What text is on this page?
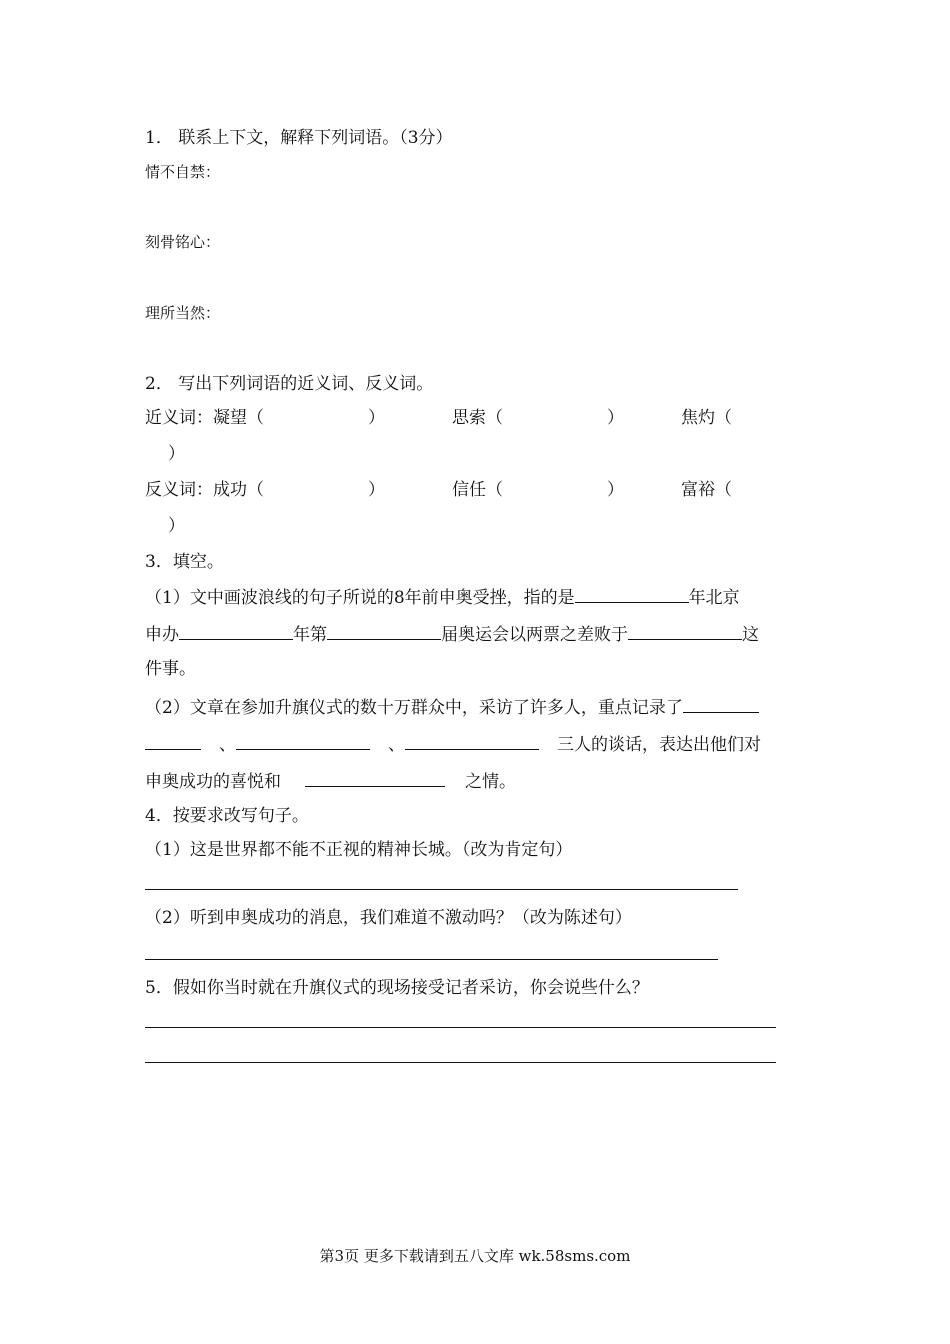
1． 联系上下文，解释下列词语。（3分）
情不自禁：
刻骨铭心：
理所当然：
2． 写出下列词语的近义词、反义词。
近义词：凝望（	）	思索（	）	焦灼（
）
反义词：成功（	）	信任（	）	富裕（
）
3．填空。
（1）文中画波浪线的句子所说的8年前申奥受挫，指的是	年北京
申办	年第	届奥运会以两票之差败于	这
件事。
（2）文章在参加升旗仪式的数十万群众中，采访了许多人，重点记录了
、	、	三人的谈话，表达出他们对
申奥成功的喜悦和	之情。
4．按要求改写句子。
（1）这是世界都不能不正视的精神长城。（改为肯定句）
（2）听到申奥成功的消息，我们难道不激动吗？（改为陈述句）
5．假如你当时就在升旗仪式的现场接受记者采访，你会说些什么？
第3页 更多下载请到五八文库 wk.58sms.com
